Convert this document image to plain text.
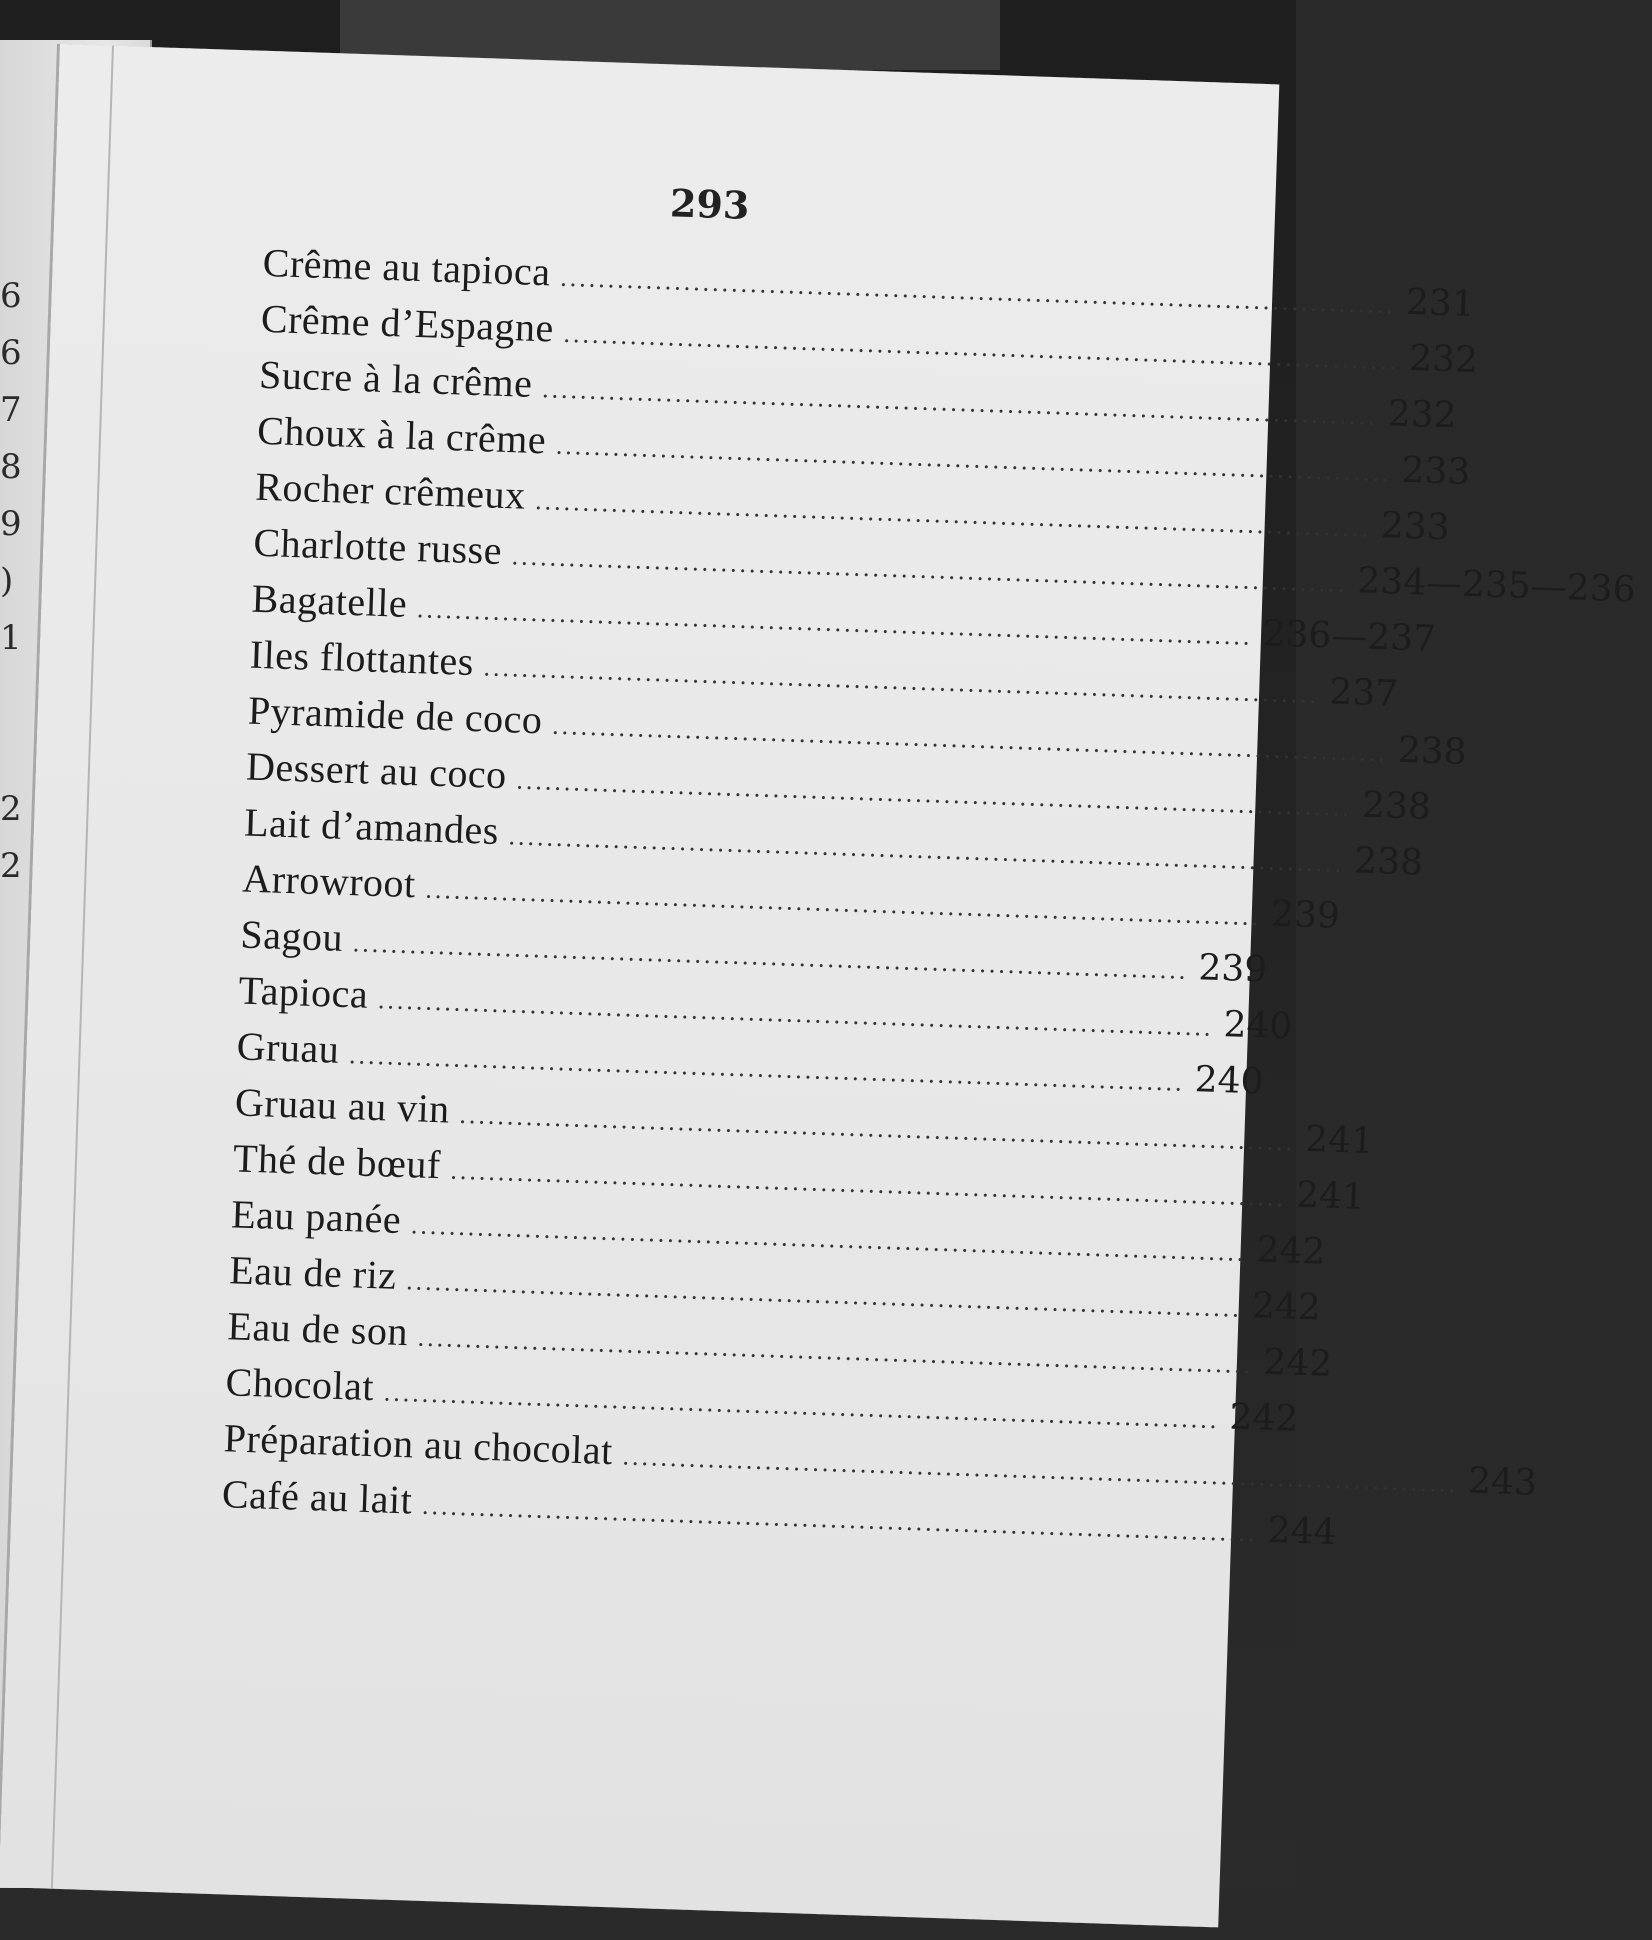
6
6
7
8
9
)
1
2
2
293
Crême au tapioca ........................................................................................ 231
Crême d’Espagne ........................................................................................ 232
Sucre à la crême ........................................................................................ 232
Choux à la crême ........................................................................................ 233
Rocher crêmeux ........................................................................................ 233
Charlotte russe ........................................................................................ 234—235—236
Bagatelle ........................................................................................ 236—237
Iles flottantes ........................................................................................ 237
Pyramide de coco ........................................................................................ 238
Dessert au coco ........................................................................................ 238
Lait d’amandes ........................................................................................ 238
Arrowroot ........................................................................................ 239
Sagou ........................................................................................ 239
Tapioca ........................................................................................ 240
Gruau ........................................................................................ 240
Gruau au vin ........................................................................................ 241
Thé de bœuf ........................................................................................ 241
Eau panée ........................................................................................ 242
Eau de riz ........................................................................................ 242
Eau de son ........................................................................................ 242
Chocolat ........................................................................................ 242
Préparation au chocolat ........................................................................................ 243
Café au lait ........................................................................................ 244
